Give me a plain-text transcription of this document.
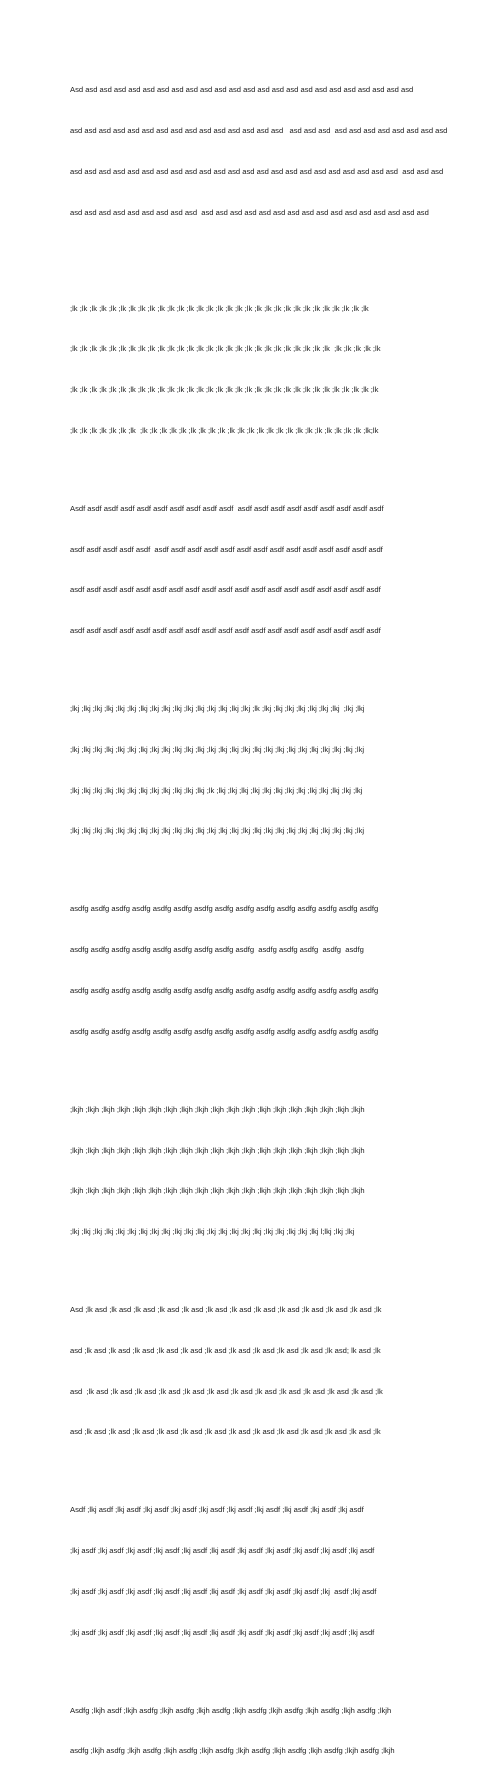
Asd asd asd asd asd asd asd asd asd asd asd asd asd asd asd asd asd asd asd asd asd asd asd asd

asd asd asd asd asd asd asd asd asd asd asd asd asd asd asd   asd asd asd  asd asd asd asd asd asd asd asd

asd asd asd asd asd asd asd asd asd asd asd asd asd asd asd asd asd asd asd asd asd asd asd  asd asd asd

asd asd asd asd asd asd asd asd asd  asd asd asd asd asd asd asd asd asd asd asd asd asd asd asd asd

;lk ;lk ;lk ;lk ;lk ;lk ;lk ;lk ;lk ;lk ;lk ;lk ;lk ;lk ;lk ;lk ;lk ;lk ;lk ;lk ;lk ;lk ;lk ;lk ;lk ;lk ;lk ;lk ;lk ;lk ;lk

;lk ;lk ;lk ;lk ;lk ;lk ;lk ;lk ;lk ;lk ;lk ;lk ;lk ;lk ;lk ;lk ;lk ;lk ;lk ;lk ;lk ;lk ;lk ;lk ;lk ;lk ;lk  ;lk ;lk ;lk ;lk ;lk

;lk ;lk ;lk ;lk ;lk ;lk ;lk ;lk ;lk ;lk ;lk ;lk ;lk ;lk ;lk ;lk ;lk ;lk ;lk ;lk ;lk ;lk ;lk ;lk ;lk ;lk ;lk ;lk ;lk ;lk ;lk ;lk

;lk ;lk ;lk ;lk ;lk ;lk ;lk  ;lk ;lk ;lk ;lk ;lk ;lk ;lk ;lk ;lk ;lk ;lk ;lk ;lk ;lk ;lk ;lk ;lk ;lk ;lk ;lk ;lk ;lk ;lk ;lk;lk

Asdf asdf asdf asdf asdf asdf asdf asdf asdf asdf  asdf asdf asdf asdf asdf asdf asdf asdf asdf

asdf asdf asdf asdf asdf  asdf asdf asdf asdf asdf asdf asdf asdf asdf asdf asdf asdf asdf asdf

asdf asdf asdf asdf asdf asdf asdf asdf asdf asdf asdf asdf asdf asdf asdf asdf asdf asdf asdf

asdf asdf asdf asdf asdf asdf asdf asdf asdf asdf asdf asdf asdf asdf asdf asdf asdf asdf asdf

;lkj ;lkj ;lkj ;lkj ;lkj ;lkj ;lkj ;lkj ;lkj ;lkj ;lkj ;lkj ;lkj ;lkj ;lkj ;lkj ;lk ;lkj ;lkj ;lkj ;lkj ;lkj ;lkj ;lkj  ;lkj ;lkj

;lkj ;lkj ;lkj ;lkj ;lkj ;lkj ;lkj ;lkj ;lkj ;lkj ;lkj ;lkj ;lkj ;lkj ;lkj ;lkj ;lkj ;lkj ;lkj ;lkj ;lkj ;lkj ;lkj ;lkj ;lkj ;lkj

;lkj ;lkj ;lkj ;lkj ;lkj ;lkj ;lkj ;lkj ;lkj ;lkj ;lkj ;lkj ;lk ;lkj ;lkj ;lkj ;lkj ;lkj ;lkj ;lkj ;lkj ;lkj ;lkj ;lkj ;lkj ;lkj

;lkj ;lkj ;lkj ;lkj ;lkj ;lkj ;lkj ;lkj ;lkj ;lkj ;lkj ;lkj ;lkj ;lkj ;lkj ;lkj ;lkj ;lkj ;lkj ;lkj ;lkj ;lkj ;lkj ;lkj ;lkj ;lkj

asdfg asdfg asdfg asdfg asdfg asdfg asdfg asdfg asdfg asdfg asdfg asdfg asdfg asdfg asdfg

asdfg asdfg asdfg asdfg asdfg asdfg asdfg asdfg asdfg  asdfg asdfg asdfg  asdfg  asdfg

asdfg asdfg asdfg asdfg asdfg asdfg asdfg asdfg asdfg asdfg asdfg asdfg asdfg asdfg asdfg

asdfg asdfg asdfg asdfg asdfg asdfg asdfg asdfg asdfg asdfg asdfg asdfg asdfg asdfg asdfg

;lkjh ;lkjh ;lkjh ;lkjh ;lkjh ;lkjh ;lkjh ;lkjh ;lkjh ;lkjh ;lkjh ;lkjh ;lkjh ;lkjh ;lkjh ;lkjh ;lkjh ;lkjh ;lkjh

;lkjh ;lkjh ;lkjh ;lkjh ;lkjh ;lkjh ;lkjh ;lkjh ;lkjh ;lkjh ;lkjh ;lkjh ;lkjh ;lkjh ;lkjh ;lkjh ;lkjh ;lkjh ;lkjh

;lkjh ;lkjh ;lkjh ;lkjh ;lkjh ;lkjh ;lkjh ;lkjh ;lkjh ;lkjh ;lkjh ;lkjh ;lkjh ;lkjh ;lkjh ;lkjh ;lkjh ;lkjh ;lkjh

;lkj ;lkj ;lkj ;lkj ;lkj ;lkj ;lkj ;lkj ;lkj ;lkj ;lkj ;lkj ;lkj ;lkj ;lkj ;lkj ;lkj ;lkj ;lkj ;lkj ;lkj ;lkj l;lkj ;lkj ;lkj

Asd ;lk asd ;lk asd ;lk asd ;lk asd ;lk asd ;lk asd ;lk asd ;lk asd ;lk asd ;lk asd ;lk asd ;lk asd ;lk

asd ;lk asd ;lk asd ;lk asd ;lk asd ;lk asd ;lk asd ;lk asd ;lk asd ;lk asd ;lk asd ;lk asd; lk asd ;lk

asd  ;lk asd ;lk asd ;lk asd ;lk asd ;lk asd ;lk asd ;lk asd ;lk asd ;lk asd ;lk asd ;lk asd ;lk asd ;lk

asd ;lk asd ;lk asd ;lk asd ;lk asd ;lk asd ;lk asd ;lk asd ;lk asd ;lk asd ;lk asd ;lk asd ;lk asd ;lk

Asdf ;lkj asdf ;lkj asdf ;lkj asdf ;lkj asdf ;lkj asdf ;lkj asdf ;lkj asdf ;lkj asdf ;lkj asdf ;lkj asdf

;lkj asdf ;lkj asdf ;lkj asdf ;lkj asdf ;lkj asdf ;lkj asdf ;lkj asdf ;lkj asdf ;lkj asdf ;lkj asdf ;lkj asdf

;lkj asdf ;lkj asdf ;lkj asdf ;lkj asdf ;lkj asdf ;lkj asdf ;lkj asdf ;lkj asdf ;lkj asdf ;lkj  asdf ;lkj asdf

;lkj asdf ;lkj asdf ;lkj asdf ;lkj asdf ;lkj asdf ;lkj asdf ;lkj asdf ;lkj asdf ;lkj asdf ;lkj asdf ;lkj asdf

Asdfg ;lkjh asdf ;lkjh asdfg ;lkjh asdfg ;lkjh asdfg ;lkjh asdfg ;lkjh asdfg ;lkjh asdfg ;lkjh asdfg ;lkjh

asdfg ;lkjh asdfg ;lkjh asdfg ;lkjh asdfg ;lkjh asdfg ;lkjh asdfg ;lkjh asdfg ;lkjh asdfg ;lkjh asdfg ;lkjh
